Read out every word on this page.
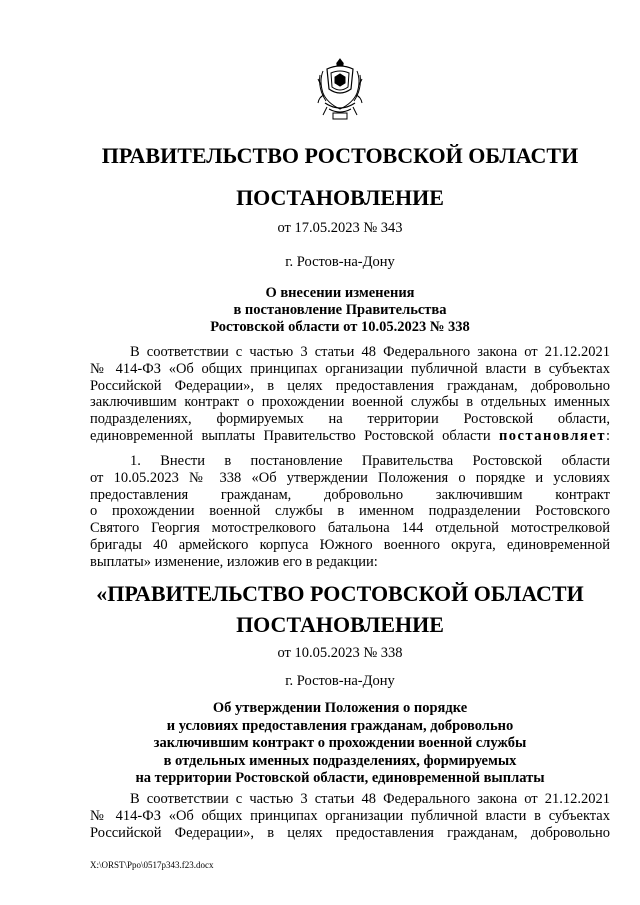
ПРАВИТЕЛЬСТВО РОСТОВСКОЙ ОБЛАСТИ
ПОСТАНОВЛЕНИЕ
от 17.05.2023 № 343
г. Ростов-на-Дону
О внесении изменения
в постановление Правительства
Ростовской области от 10.05.2023 № 338
В соответствии с частью 3 статьи 48 Федерального закона от 21.12.2021
№ 414-ФЗ «Об общих принципах организации публичной власти в субъектах
Российской Федерации», в целях предоставления гражданам, добровольно
заключившим контракт о прохождении военной службы в отдельных именных
подразделениях, формируемых на территории Ростовской области,
единовременной выплаты Правительство Ростовской области постановляет:
1. Внести в постановление Правительства Ростовской области
от 10.05.2023 № 338 «Об утверждении Положения о порядке и условиях
предоставления гражданам, добровольно заключившим контракт
о прохождении военной службы в именном подразделении Ростовского
Святого Георгия мотострелкового батальона 144 отдельной мотострелковой
бригады 40 армейского корпуса Южного военного округа, единовременной
выплаты» изменение, изложив его в редакции:
«ПРАВИТЕЛЬСТВО РОСТОВСКОЙ ОБЛАСТИ
ПОСТАНОВЛЕНИЕ
от 10.05.2023 № 338
г. Ростов-на-Дону
Об утверждении Положения о порядке
и условиях предоставления гражданам, добровольно
заключившим контракт о прохождении военной службы
в отдельных именных подразделениях, формируемых
на территории Ростовской области, единовременной выплаты
В соответствии с частью 3 статьи 48 Федерального закона от 21.12.2021
№ 414-ФЗ «Об общих принципах организации публичной власти в субъектах
Российской Федерации», в целях предоставления гражданам, добровольно
X:\ORST\Ppo\0517p343.f23.docx
